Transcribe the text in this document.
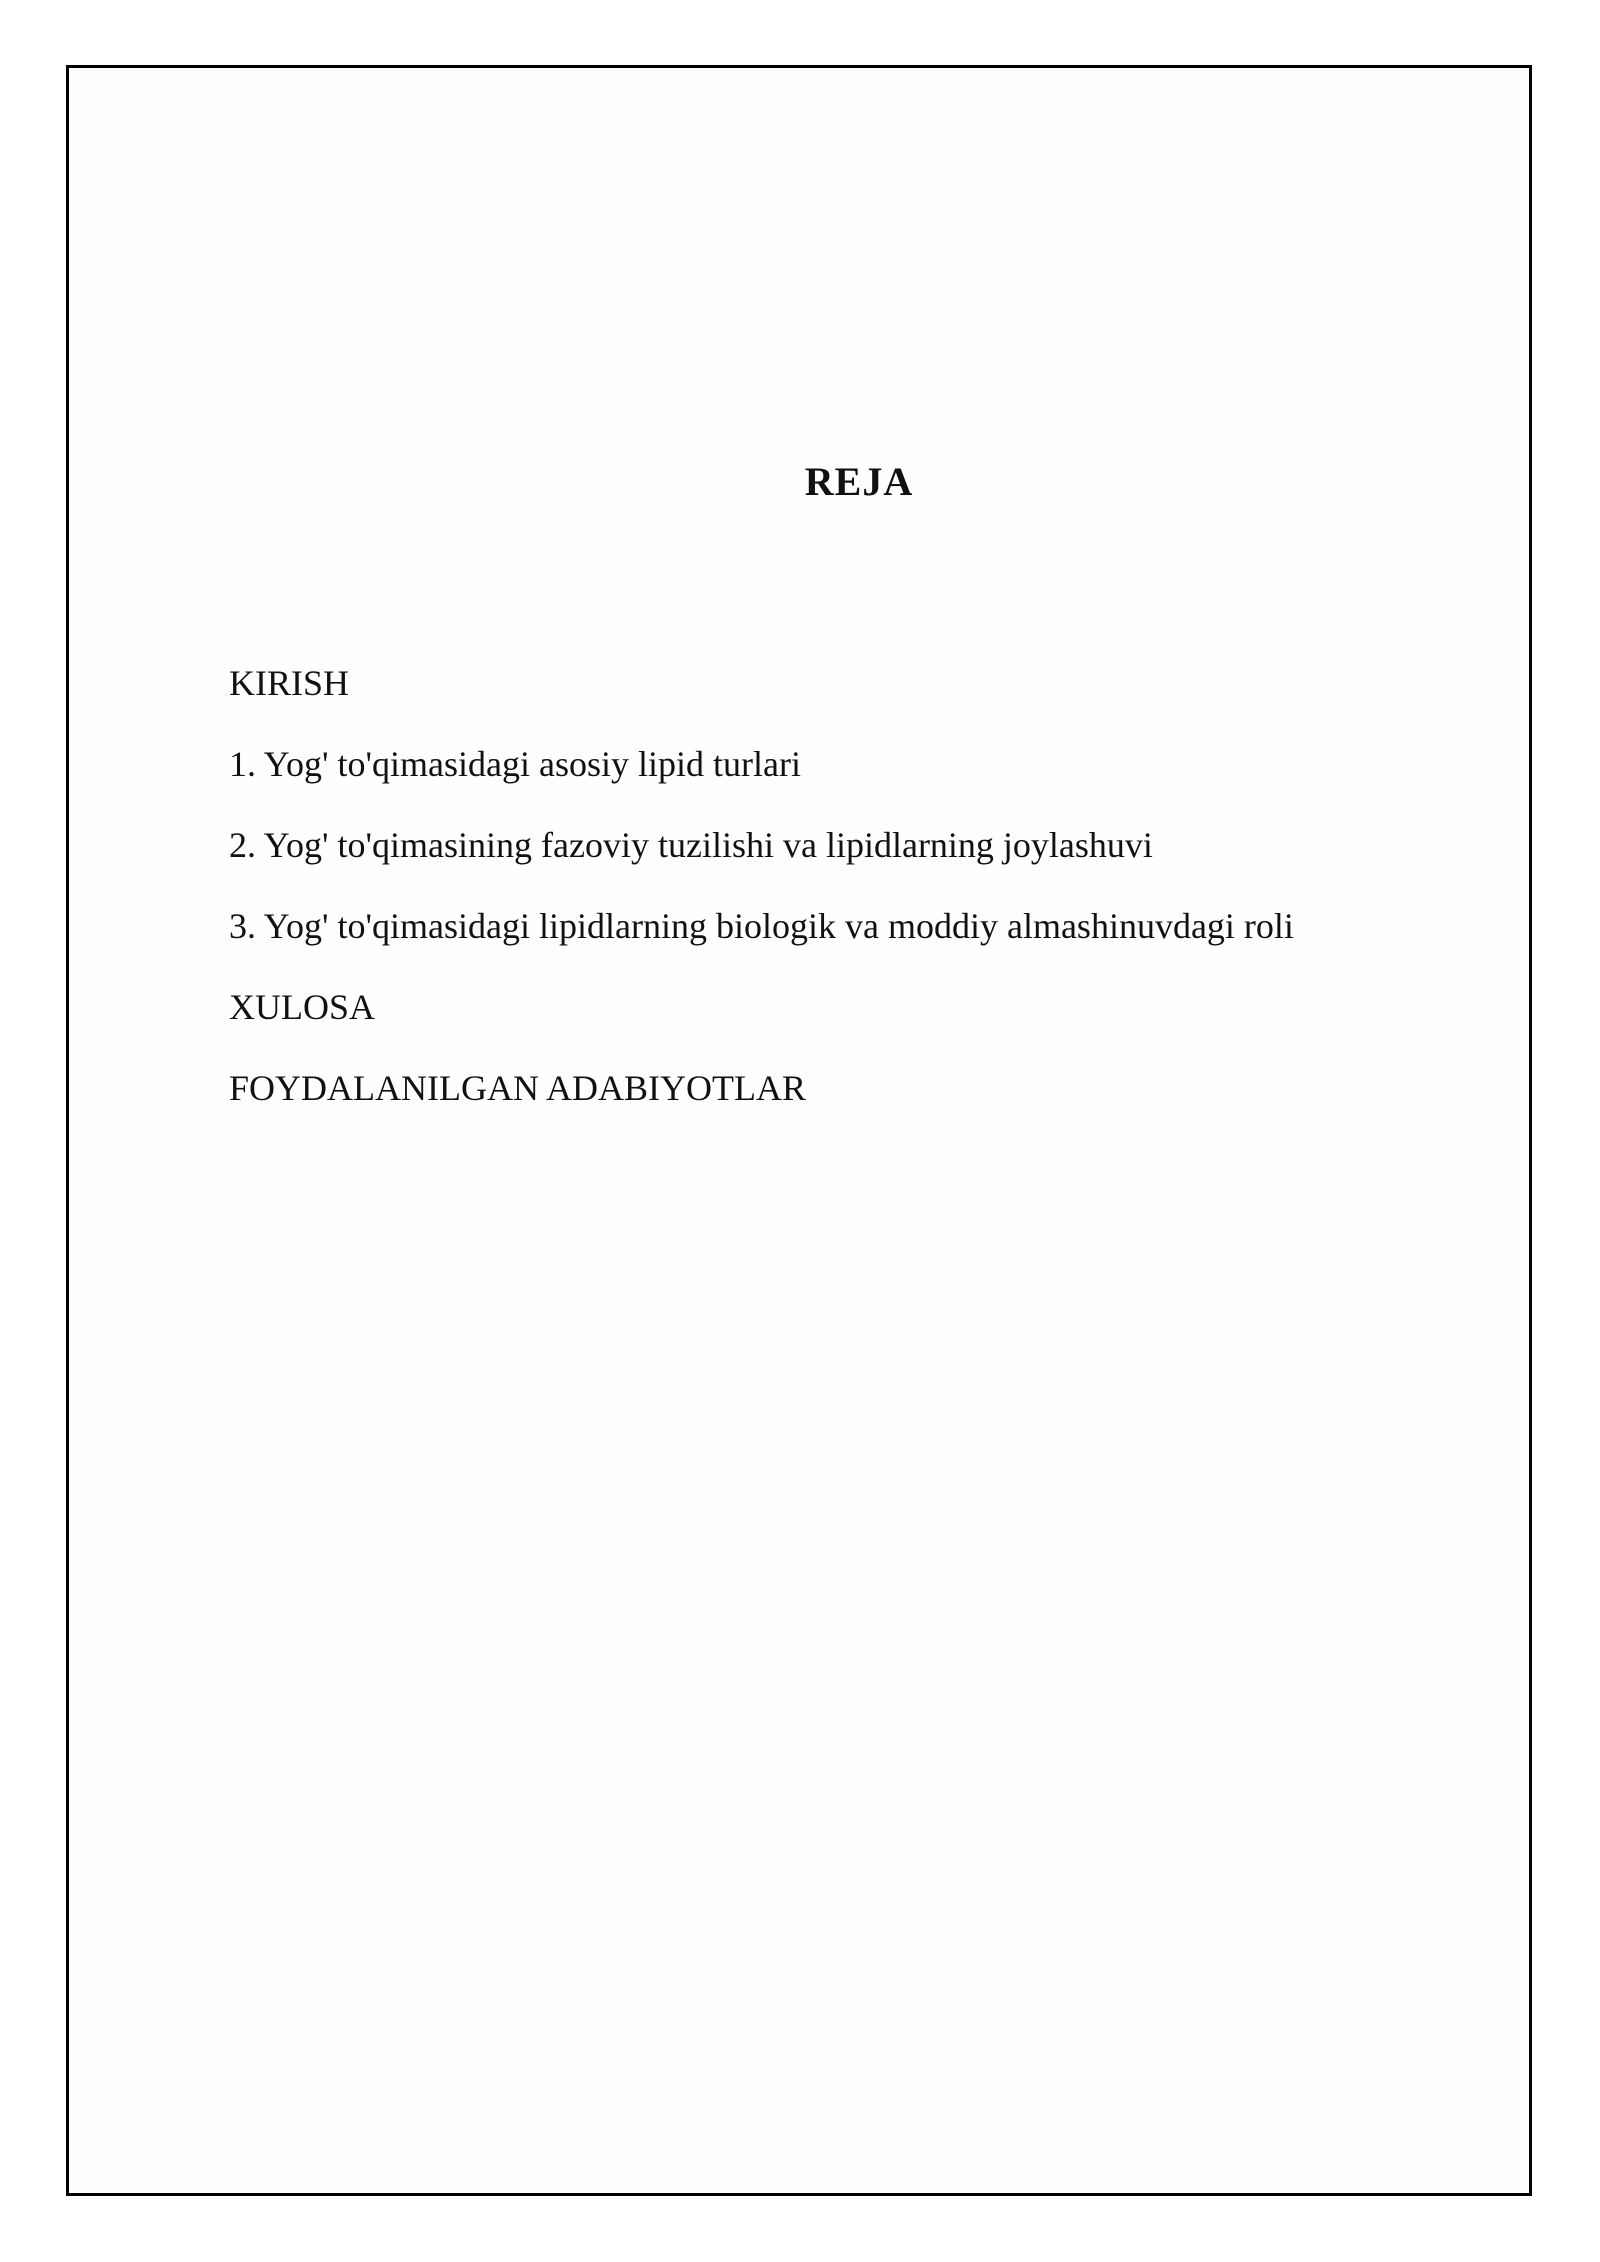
REJA
KIRISH
1. Yog' to'qimasidagi asosiy lipid turlari
2. Yog' to'qimasining fazoviy tuzilishi va lipidlarning joylashuvi
3. Yog' to'qimasidagi lipidlarning biologik va moddiy almashinuvdagi roli
XULOSA
FOYDALANILGAN ADABIYOTLAR
